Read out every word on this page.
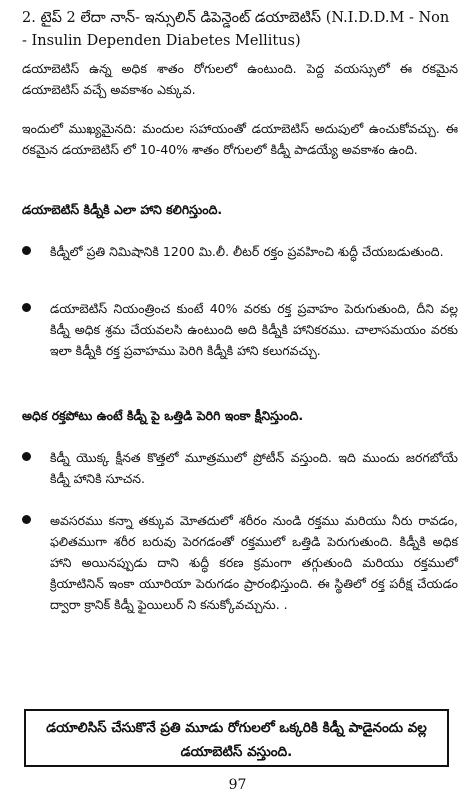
2. టైప్ 2 లేదా నాన్- ఇన్సులిన్ డిపెన్డెంట్ డయాబెటిస్ (N.I.D.D.M - Non - Insulin Dependen Diabetes Mellitus)
డయాబెటిస్ ఉన్న అధిక శాతం రోగులలో ఉంటుంది. పెద్ద వయస్సులో ఈ రకమైన డయాబెటిస్ వచ్చే అవకాశం ఎక్కువ.
ఇందులో ముఖ్యమైనది: మందుల సహాయంతో డయాబెటిస్ అదుపులో ఉంచుకోవచ్చు. ఈ రకమైన డయాబెటిస్ లో 10-40% శాతం రోగులలో కిడ్నీ పాడయ్యే అవకాశం ఉంది.
డయాబెటిస్ కిడ్నీకి ఎలా హాని కలిగిస్తుంది.
కిడ్నీలో ప్రతి నిమిషానికి 1200 మి.లీ. లీటర్ రక్తం ప్రవహించి శుద్ధీ చేయబడుతుంది.
డయాబెటిస్ నియంత్రించ కుంటే 40% వరకు రక్త ప్రవాహం పెరుగుతుంది, దీని వల్ల కిడ్నీ అధిక శ్రమ చేయవలసి ఉంటుంది అది కిడ్నీకి హానికరము. చాలాసమయం వరకు ఇలా కిడ్నీకి రక్త ప్రవాహము పెరిగి కిడ్నీకి హాని కలుగవచ్చు.
అధిక రక్తపోటు ఉంటే కిడ్నీ పై ఒత్తిడి పెరిగి ఇంకా క్షీనిస్తుంది.
కిడ్నీ యొక్క క్షీనత కొత్తలో మూత్రములో ప్రోటీన్ వస్తుంది. ఇది ముందు జరగబోయే కిడ్నీ హానికి సూచన.
అవసరము కన్నా తక్కువ మోతదులో శరీరం నుండి రక్తము మరియు నీరు రావడం, ఫలితముగా శరీర బరువు పెరగడంతో రక్తములో ఒత్తిడి పెరుగుతుంది. కిడ్నీకి అధిక హాని అయినప్పుడు దాని శుద్ధీ కరణ క్రమంగా తగ్గుతుంది మరియు రక్తములో క్రియాటినిన్ ఇంకా యూరియా పెరుగడం ప్రారంభిస్తుంది. ఈ స్థితిలో రక్త పరీక్ష చేయడం ద్వారా క్రానిక్ కిడ్నీ ఫైయిలుర్ ని కనుక్కోవచ్చును. .
డయాలిసిస్ చేసుకొనే ప్రతి మూడు రోగులలో ఒక్కరికి కిడ్నీ పాడైనందు వల్ల డయాబెటిస్ వస్తుంది.
97
